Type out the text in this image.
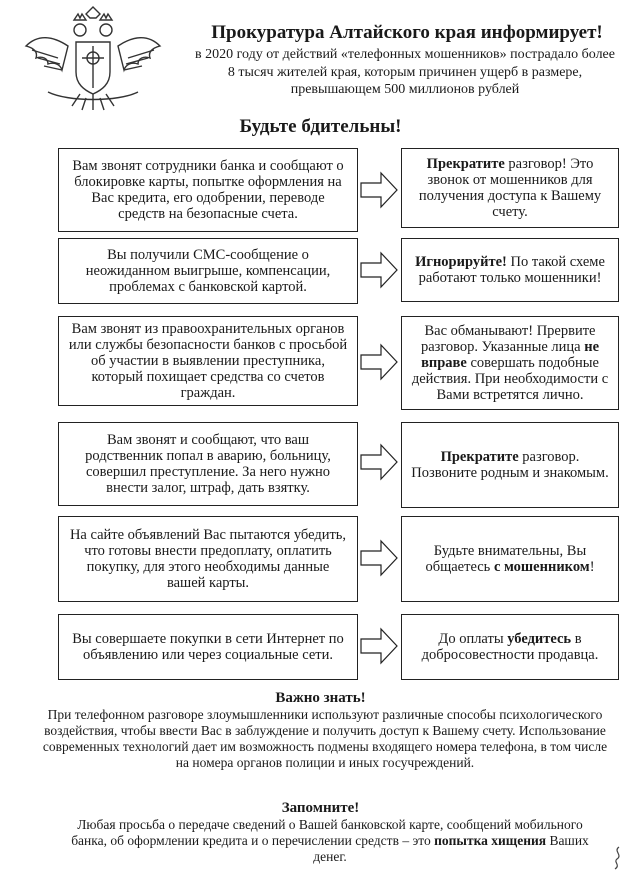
Прокуратура Алтайского края информирует!
в 2020 году от действий «телефонных мошенников» пострадало более 8 тысяч жителей края, которым причинен ущерб в размере, превышающем 500 миллионов рублей
Будьте бдительны!
Вам звонят сотрудники банка и сообщают о блокировке карты, попытке оформления на Вас кредита, его одобрении, переводе средств на безопасные счета.
Прекратите разговор! Это звонок от мошенников для получения доступа к Вашему счету.
Вы получили СМС-сообщение о неожиданном выигрыше, компенсации, проблемах с банковской картой.
Игнорируйте! По такой схеме работают только мошенники!
Вам звонят из правоохранительных органов или службы безопасности банков с просьбой об участии в выявлении преступника, который похищает средства со счетов граждан.
Вас обманывают! Прервите разговор. Указанные лица не вправе совершать подобные действия. При необходимости с Вами встретятся лично.
Вам звонят и сообщают, что ваш родственник попал в аварию, больницу, совершил преступление. За него нужно внести залог, штраф, дать взятку.
Прекратите разговор. Позвоните родным и знакомым.
На сайте объявлений Вас пытаются убедить, что готовы внести предоплату, оплатить покупку, для этого необходимы данные вашей карты.
Будьте внимательны, Вы общаетесь с мошенником!
Вы совершаете покупки в сети Интернет по объявлению или через социальные сети.
До оплаты убедитесь в добросовестности продавца.
Важно знать!
При телефонном разговоре злоумышленники используют различные способы психологического воздействия, чтобы ввести Вас в заблуждение и получить доступ к Вашему счету. Использование современных технологий дает им возможность подмены входящего номера телефона, в том числе на номера органов полиции и иных госучреждений.
Запомните!
Любая просьба о передаче сведений о Вашей банковской карте, сообщений мобильного банка, об оформлении кредита и о перечислении средств – это попытка хищения Ваших денег.
